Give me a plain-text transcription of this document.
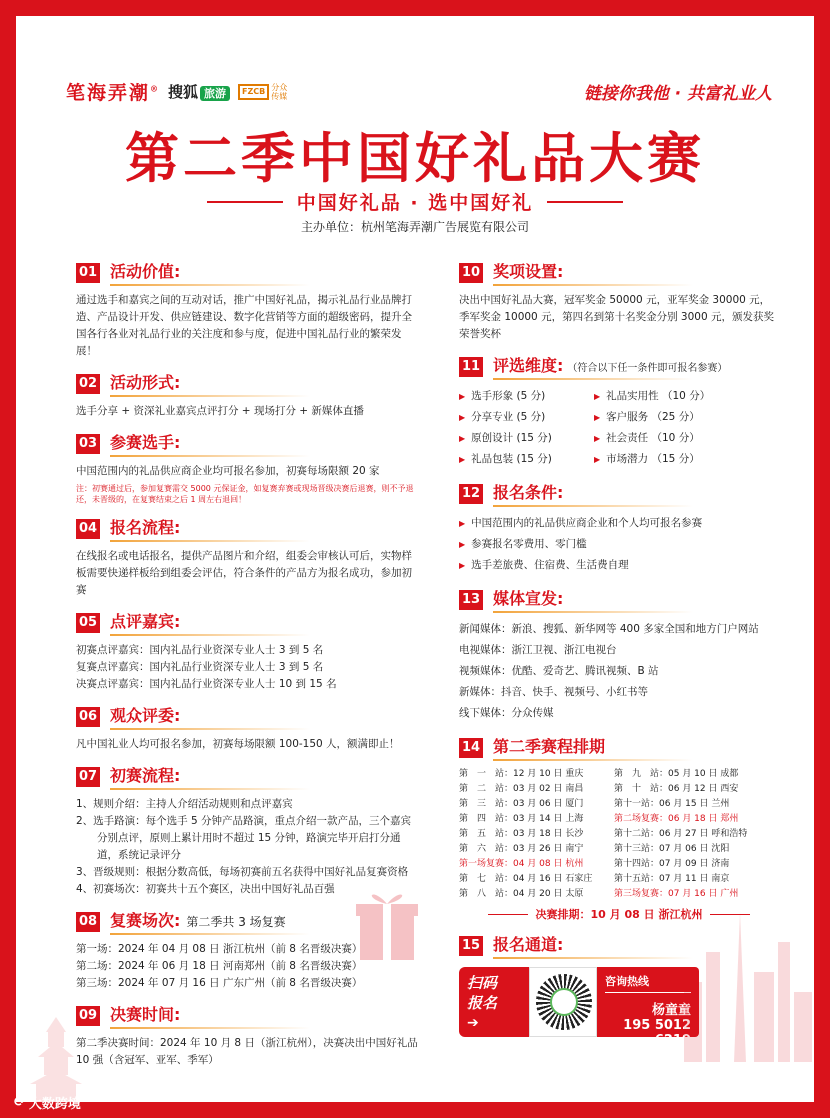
笔海弄潮® 搜狐 旅游	FZCB 分众传媒	链接你我他 · 共富礼业人
第二季中国好礼品大赛
中国好礼品 · 选中国好礼
主办单位：杭州笔海弄潮广告展览有限公司
01 活动价值:
通过选手和嘉宾之间的互动对话，推广中国好礼品，揭示礼品行业品牌打造、产品设计开发、供应链建设、数字化营销等方面的超级密码，提升全国各行各业对礼品行业的关注度和参与度，促进中国礼品行业的繁荣发展！
02 活动形式:
选手分享 + 资深礼业嘉宾点评打分 + 现场打分 + 新媒体直播
03 参赛选手:
中国范围内的礼品供应商企业均可报名参加，初赛每场限额 20 家
注：初赛通过后，参加复赛需交 5000 元保证金，如复赛弃赛或现场晋级决赛后退赛，则不予退还，未晋级的，在复赛结束之后 1 周左右退回！
04 报名流程:
在线报名或电话报名，提供产品图片和介绍，组委会审核认可后，实物样板需要快递样板给到组委会评估，符合条件的产品方为报名成功，参加初赛
05 点评嘉宾:
初赛点评嘉宾：国内礼品行业资深专业人士 3 到 5 名
复赛点评嘉宾：国内礼品行业资深专业人士 3 到 5 名
决赛点评嘉宾：国内礼品行业资深专业人士 10 到 15 名
06 观众评委:
凡中国礼业人均可报名参加，初赛每场限额 100-150 人，额满即止！
07 初赛流程:
1、规则介绍：主持人介绍活动规则和点评嘉宾
2、选手路演：每个选手 5 分钟产品路演，重点介绍一款产品，三个嘉宾分别点评，原则上累计用时不超过 15 分钟，路演完毕开启打分通道，系统记录评分
3、晋级规则：根据分数高低，每场初赛前五名获得中国好礼品复赛资格
4、初赛场次：初赛共十五个赛区，决出中国好礼品百强
08 复赛场次: 第二季共 3 场复赛
第一场：2024 年 04 月 08 日 浙江杭州（前 8 名晋级决赛）
第二场：2024 年 06 月 18 日 河南郑州（前 8 名晋级决赛）
第三场：2024 年 07 月 16 日 广东广州（前 8 名晋级决赛）
09 决赛时间:
第二季决赛时间：2024 年 10 月 8 日（浙江杭州），决赛决出中国好礼品 10 强（含冠军、亚军、季军）
10 奖项设置:
决出中国好礼品大赛，冠军奖金 50000 元，亚军奖金 30000 元，季军奖金 10000 元，第四名到第十名奖金分别 3000 元，颁发获奖荣誉奖杯
11 评选维度: （符合以下任一条件即可报名参赛）
▶ 选手形象 (5 分)	▶ 礼品实用性 （10 分）
▶ 分享专业 (5 分)	▶ 客户服务 （25 分）
▶ 原创设计 (15 分)	▶ 社会责任 （10 分）
▶ 礼品包装 (15 分)	▶ 市场潜力 （15 分）
12 报名条件:
▶ 中国范围内的礼品供应商企业和个人均可报名参赛
▶ 参赛报名零费用、零门槛
▶ 选手差旅费、住宿费、生活费自理
13 媒体宣发:
新闻媒体：新浪、搜狐、新华网等 400 多家全国和地方门户网站
电视媒体：浙江卫视、浙江电视台
视频媒体：优酷、爱奇艺、腾讯视频、B 站
新媒体：抖音、快手、视频号、小红书等
线下媒体：分众传媒
14 第二季赛程排期
第　一　站：12 月 10 日 重庆	第　九　站：05 月 10 日 成都
第　二　站：03 月 02 日 南昌	第　十　站：06 月 12 日 西安
第　三　站：03 月 06 日 厦门	第十一站：06 月 15 日 兰州
第　四　站：03 月 14 日 上海	第二场复赛：06 月 18 日 郑州
第　五　站：03 月 18 日 长沙	第十二站：06 月 27 日 呼和浩特
第　六　站：03 月 26 日 南宁	第十三站：07 月 06 日 沈阳
第一场复赛：04 月 08 日 杭州	第十四站：07 月 09 日 济南
第　七　站：04 月 16 日 石家庄	第十五站：07 月 11 日 南京
第　八　站：04 月 20 日 太原	第三场复赛：07 月 16 日 广州
决赛排期：10 月 08 日 浙江杭州
15 报名通道:
扫码
报名
➔
咨询热线
杨童童
195 5012 6219
⟳ 大数跨境
